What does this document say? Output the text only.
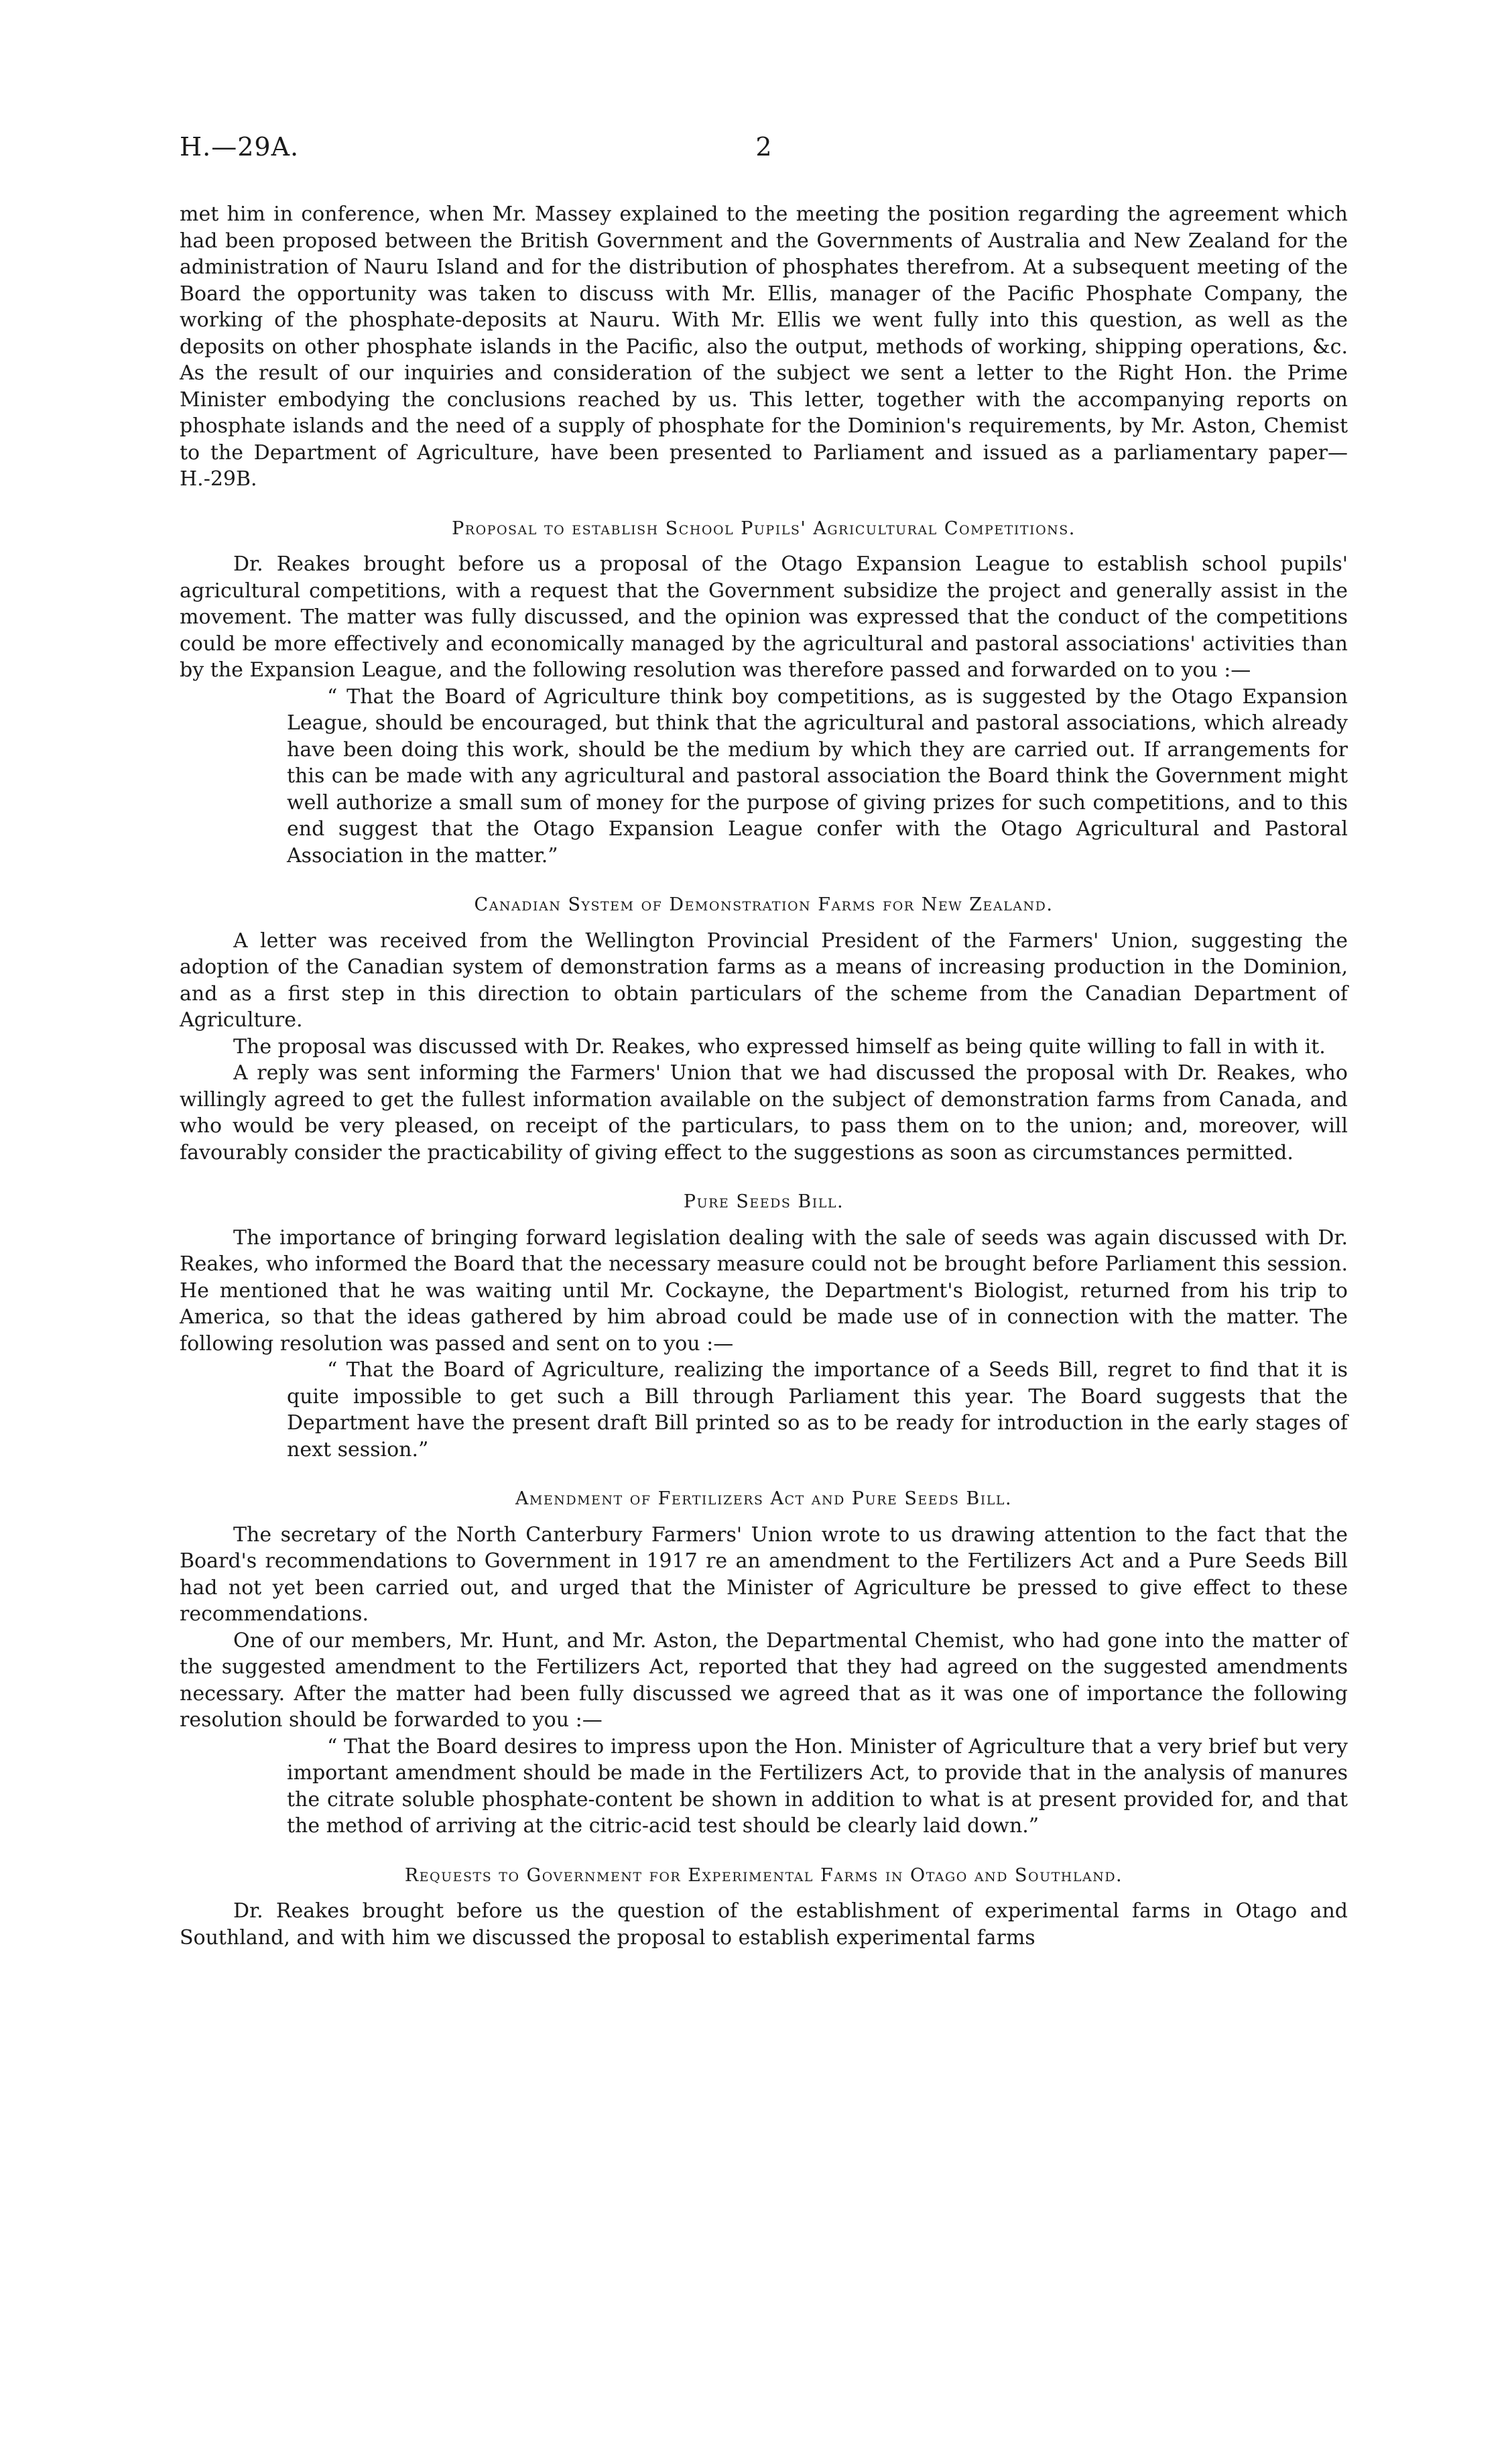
H.—29A.	2

met him in conference, when Mr. Massey explained to the meeting the position regarding the agreement which had been proposed between the British Government and the Governments of Australia and New Zealand for the administration of Nauru Island and for the distribution of phosphates therefrom. At a subsequent meeting of the Board the opportunity was taken to discuss with Mr. Ellis, manager of the Pacific Phosphate Company, the working of the phosphate-deposits at Nauru. With Mr. Ellis we went fully into this question, as well as the deposits on other phosphate islands in the Pacific, also the output, methods of working, shipping operations, &c. As the result of our inquiries and consideration of the subject we sent a letter to the Right Hon. the Prime Minister embodying the conclusions reached by us. This letter, together with the accompanying reports on phosphate islands and the need of a supply of phosphate for the Dominion's requirements, by Mr. Aston, Chemist to the Department of Agriculture, have been presented to Parliament and issued as a parliamentary paper—H.-29B.

Proposal to establish School Pupils' Agricultural Competitions.

Dr. Reakes brought before us a proposal of the Otago Expansion League to establish school pupils' agricultural competitions, with a request that the Government subsidize the project and generally assist in the movement. The matter was fully discussed, and the opinion was expressed that the conduct of the competitions could be more effectively and economically managed by the agricultural and pastoral associations' activities than by the Expansion League, and the following resolution was therefore passed and forwarded on to you :—

“ That the Board of Agriculture think boy competitions, as is suggested by the Otago Expansion League, should be encouraged, but think that the agricultural and pastoral associations, which already have been doing this work, should be the medium by which they are carried out. If arrangements for this can be made with any agricultural and pastoral association the Board think the Government might well authorize a small sum of money for the purpose of giving prizes for such competitions, and to this end suggest that the Otago Expansion League confer with the Otago Agricultural and Pastoral Association in the matter.”

Canadian System of Demonstration Farms for New Zealand.

A letter was received from the Wellington Provincial President of the Farmers' Union, suggesting the adoption of the Canadian system of demonstration farms as a means of increasing production in the Dominion, and as a first step in this direction to obtain particulars of the scheme from the Canadian Department of Agriculture.

The proposal was discussed with Dr. Reakes, who expressed himself as being quite willing to fall in with it.

A reply was sent informing the Farmers' Union that we had discussed the proposal with Dr. Reakes, who willingly agreed to get the fullest information available on the subject of demonstration farms from Canada, and who would be very pleased, on receipt of the particulars, to pass them on to the union; and, moreover, will favourably consider the practicability of giving effect to the suggestions as soon as circumstances permitted.

Pure Seeds Bill.

The importance of bringing forward legislation dealing with the sale of seeds was again discussed with Dr. Reakes, who informed the Board that the necessary measure could not be brought before Parliament this session. He mentioned that he was waiting until Mr. Cockayne, the Department's Biologist, returned from his trip to America, so that the ideas gathered by him abroad could be made use of in connection with the matter. The following resolution was passed and sent on to you :—

“ That the Board of Agriculture, realizing the importance of a Seeds Bill, regret to find that it is quite impossible to get such a Bill through Parliament this year. The Board suggests that the Department have the present draft Bill printed so as to be ready for introduction in the early stages of next session.”

Amendment of Fertilizers Act and Pure Seeds Bill.

The secretary of the North Canterbury Farmers' Union wrote to us drawing attention to the fact that the Board's recommendations to Government in 1917 re an amendment to the Fertilizers Act and a Pure Seeds Bill had not yet been carried out, and urged that the Minister of Agriculture be pressed to give effect to these recommendations.

One of our members, Mr. Hunt, and Mr. Aston, the Departmental Chemist, who had gone into the matter of the suggested amendment to the Fertilizers Act, reported that they had agreed on the suggested amendments necessary. After the matter had been fully discussed we agreed that as it was one of importance the following resolution should be forwarded to you :—

“ That the Board desires to impress upon the Hon. Minister of Agriculture that a very brief but very important amendment should be made in the Fertilizers Act, to provide that in the analysis of manures the citrate soluble phosphate-content be shown in addition to what is at present provided for, and that the method of arriving at the citric-acid test should be clearly laid down.”

Requests to Government for Experimental Farms in Otago and Southland.

Dr. Reakes brought before us the question of the establishment of experimental farms in Otago and Southland, and with him we discussed the proposal to establish experimental farms
